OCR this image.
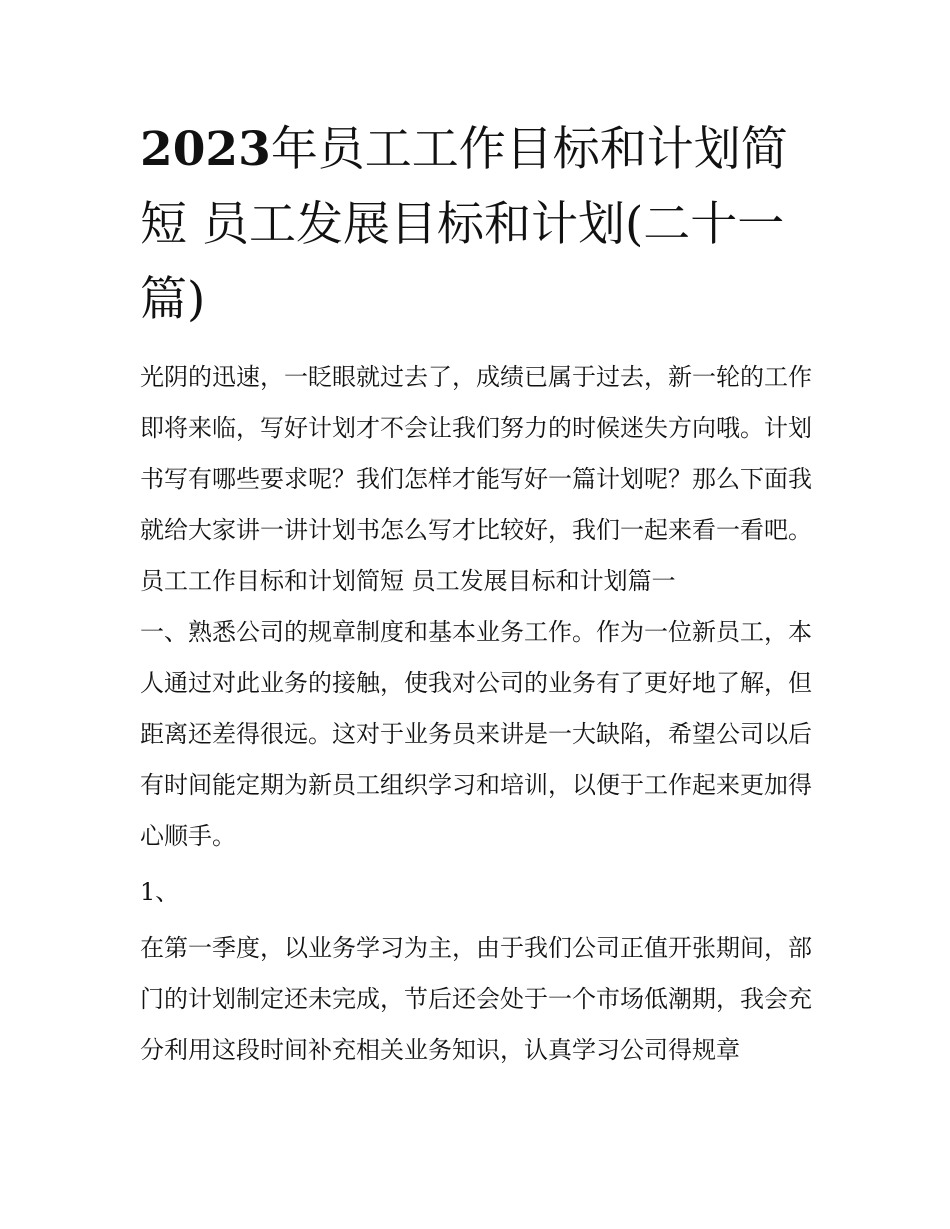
2023年员工工作目标和计划简短 员工发展目标和计划(二十一篇)

光阴的迅速，一眨眼就过去了，成绩已属于过去，新一轮的工作即将来临，写好计划才不会让我们努力的时候迷失方向哦。计划书写有哪些要求呢？我们怎样才能写好一篇计划呢？那么下面我就给大家讲一讲计划书怎么写才比较好，我们一起来看一看吧。

员工工作目标和计划简短 员工发展目标和计划篇一

一、熟悉公司的规章制度和基本业务工作。作为一位新员工，本人通过对此业务的接触，使我对公司的业务有了更好地了解，但距离还差得很远。这对于业务员来讲是一大缺陷，希望公司以后有时间能定期为新员工组织学习和培训，以便于工作起来更加得心顺手。

1、

在第一季度，以业务学习为主，由于我们公司正值开张期间，部门的计划制定还未完成，节后还会处于一个市场低潮期，我会充分利用这段时间补充相关业务知识，认真学习公司得规章
